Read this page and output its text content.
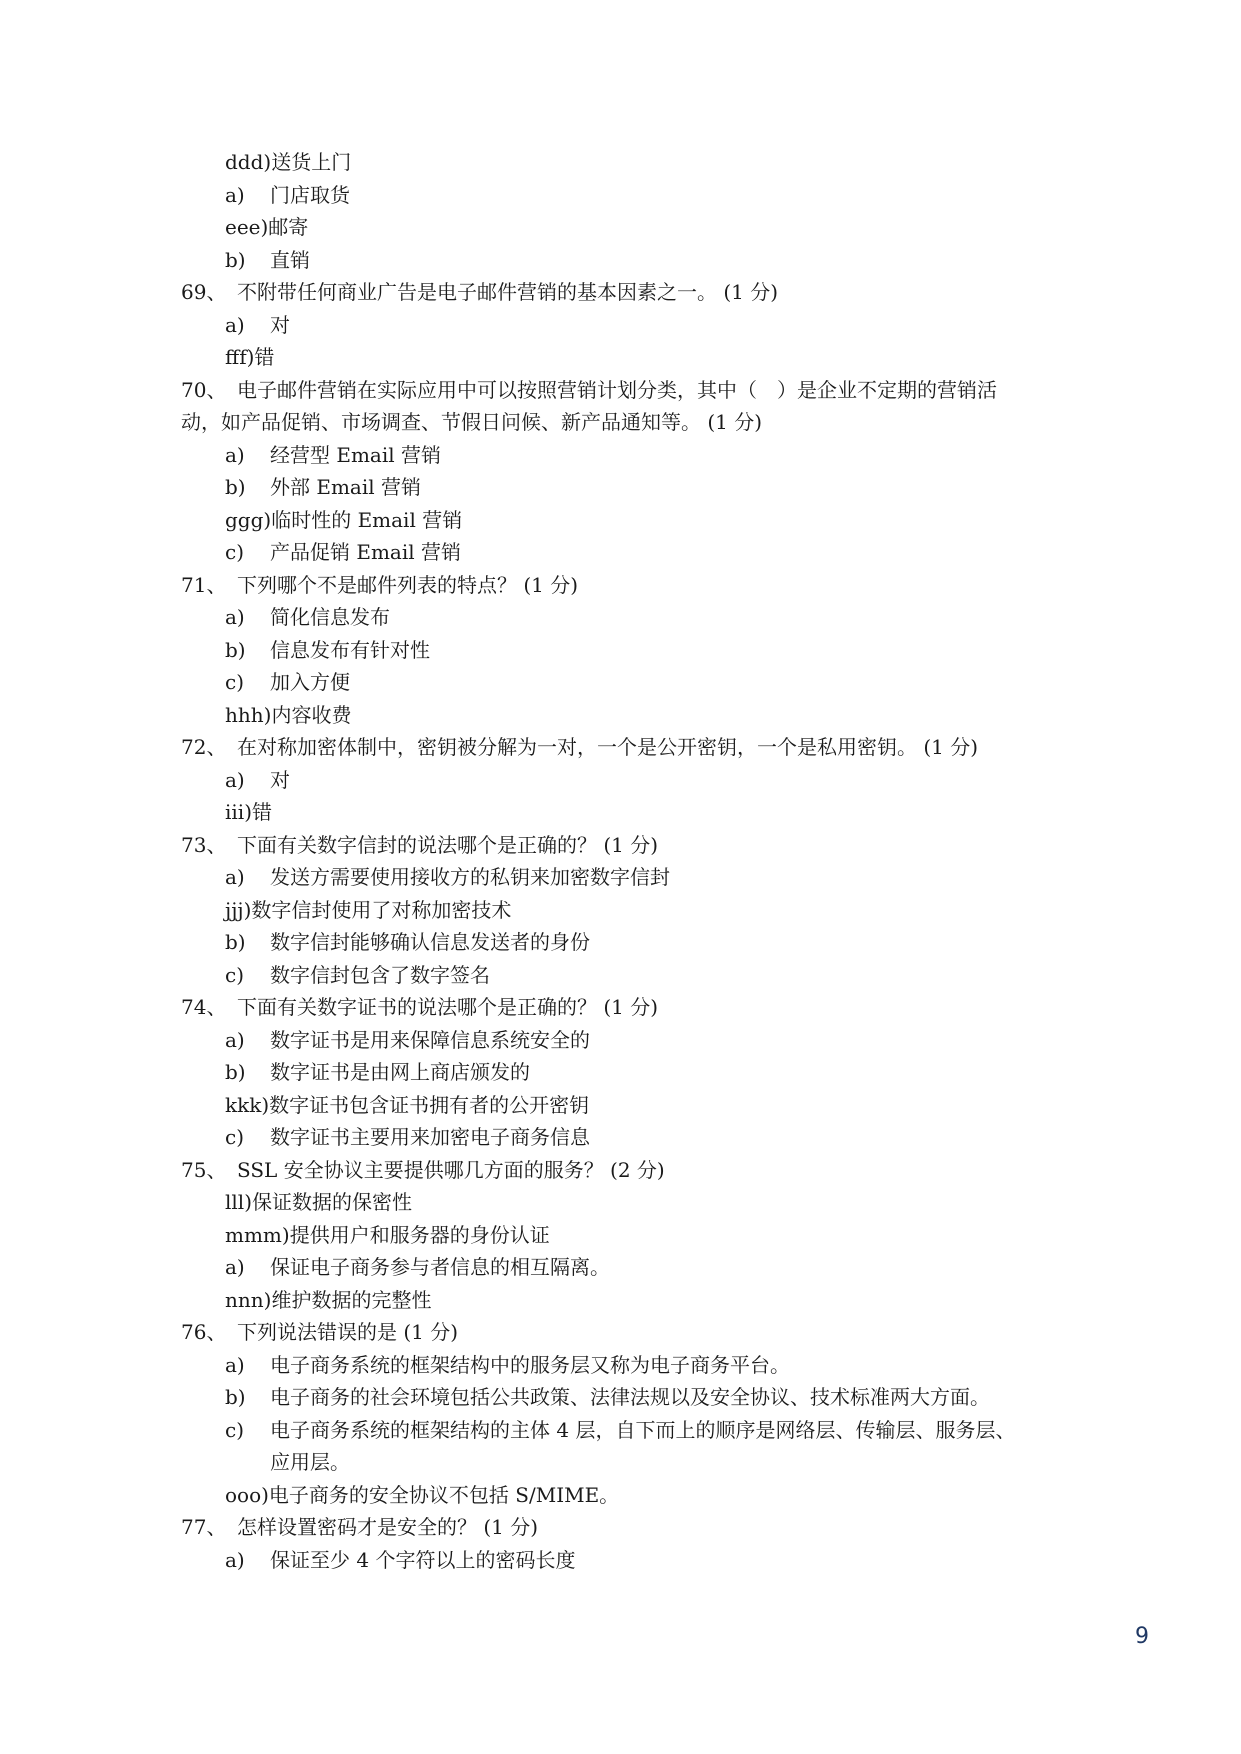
ddd)送货上门
a) 门店取货
eee)邮寄
b) 直销
69、 不附带任何商业广告是电子邮件营销的基本因素之一。 (1 分)
a) 对
fff)错
70、 电子邮件营销在实际应用中可以按照营销计划分类，其中（　）是企业不定期的营销活
动，如产品促销、市场调查、节假日问候、新产品通知等。 (1 分)
a) 经营型 Email 营销
b) 外部 Email 营销
ggg)临时性的 Email 营销
c) 产品促销 Email 营销
71、 下列哪个不是邮件列表的特点？ (1 分)
a) 简化信息发布
b) 信息发布有针对性
c) 加入方便
hhh)内容收费
72、 在对称加密体制中，密钥被分解为一对，一个是公开密钥，一个是私用密钥。 (1 分)
a) 对
iii)错
73、 下面有关数字信封的说法哪个是正确的？ (1 分)
a) 发送方需要使用接收方的私钥来加密数字信封
jjj)数字信封使用了对称加密技术
b) 数字信封能够确认信息发送者的身份
c) 数字信封包含了数字签名
74、 下面有关数字证书的说法哪个是正确的？ (1 分)
a) 数字证书是用来保障信息系统安全的
b) 数字证书是由网上商店颁发的
kkk)数字证书包含证书拥有者的公开密钥
c) 数字证书主要用来加密电子商务信息
75、 SSL 安全协议主要提供哪几方面的服务？ (2 分)
lll)保证数据的保密性
mmm)提供用户和服务器的身份认证
a) 保证电子商务参与者信息的相互隔离。
nnn)维护数据的完整性
76、 下列说法错误的是 (1 分)
a) 电子商务系统的框架结构中的服务层又称为电子商务平台。
b) 电子商务的社会环境包括公共政策、法律法规以及安全协议、技术标准两大方面。
c) 电子商务系统的框架结构的主体 4 层，自下而上的顺序是网络层、传输层、服务层、
应用层。
ooo)电子商务的安全协议不包括 S/MIME。
77、 怎样设置密码才是安全的？ (1 分)
a) 保证至少 4 个字符以上的密码长度
9
